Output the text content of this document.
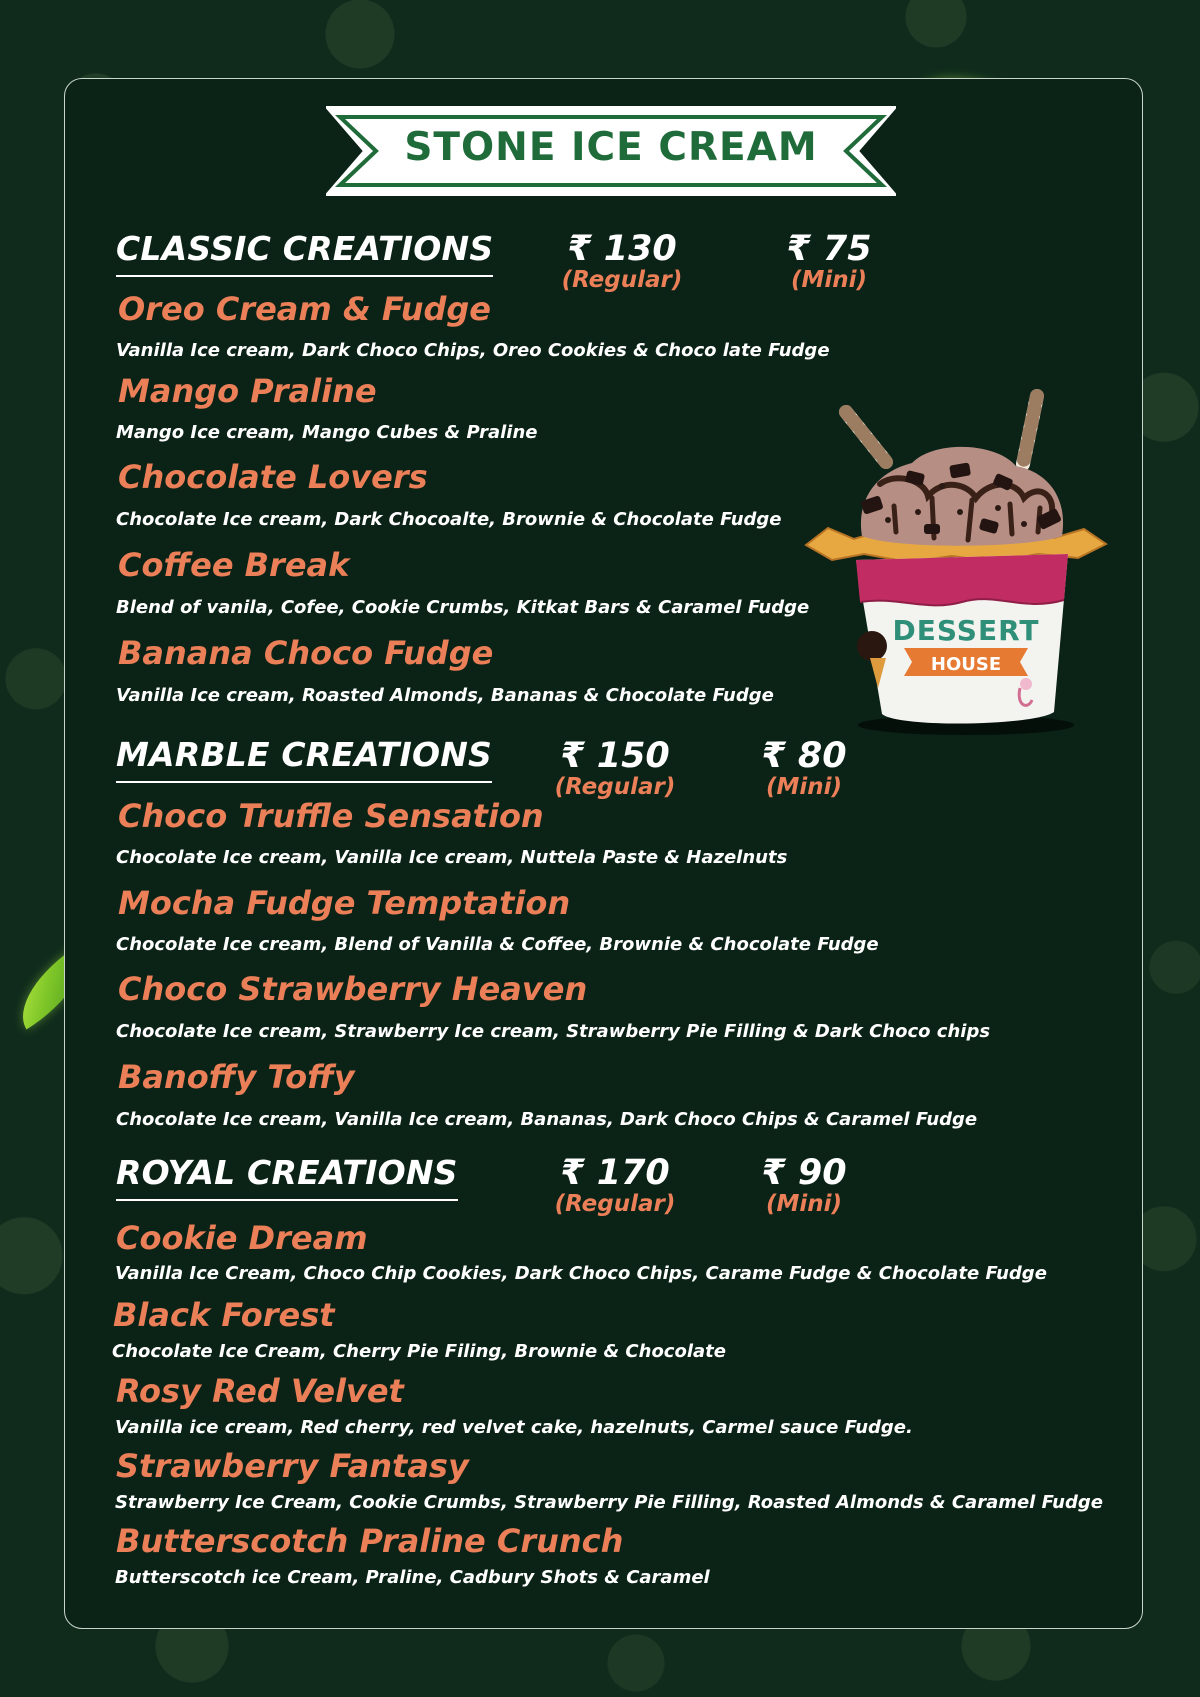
STONE ICE CREAM
CLASSIC CREATIONS	₹ 130
(Regular)
₹ 75
(Mini)
Oreo Cream & Fudge
Vanilla Ice cream, Dark Choco Chips, Oreo Cookies & Choco late Fudge
Mango Praline
Mango Ice cream, Mango Cubes & Praline
Chocolate Lovers
Chocolate Ice cream, Dark Chocoalte, Brownie & Chocolate Fudge
Coffee Break
Blend of vanila, Cofee, Cookie Crumbs, Kitkat Bars & Caramel Fudge
Banana Choco Fudge
Vanilla Ice cream, Roasted Almonds, Bananas & Chocolate Fudge
MARBLE CREATIONS	₹ 150
(Regular)
₹ 80
(Mini)
Choco Truffle Sensation
Chocolate Ice cream, Vanilla Ice cream, Nuttela Paste & Hazelnuts
Mocha Fudge Temptation
Chocolate Ice cream, Blend of Vanilla & Coffee, Brownie & Chocolate Fudge
Choco Strawberry Heaven
Chocolate Ice cream, Strawberry Ice cream, Strawberry Pie Filling & Dark Choco chips
Banoffy Toffy
Chocolate Ice cream, Vanilla Ice cream, Bananas, Dark Choco Chips & Caramel Fudge
ROYAL CREATIONS	₹ 170
(Regular)
₹ 90
(Mini)
Cookie Dream
Vanilla Ice Cream, Choco Chip Cookies, Dark Choco Chips, Carame Fudge & Chocolate Fudge
Black Forest
Chocolate Ice Cream, Cherry Pie Filing, Brownie & Chocolate
Rosy Red Velvet
Vanilla ice cream, Red cherry, red velvet cake, hazelnuts, Carmel sauce Fudge.
Strawberry Fantasy
Strawberry Ice Cream, Cookie Crumbs, Strawberry Pie Filling, Roasted Almonds & Caramel Fudge
Butterscotch Praline Crunch
Butterscotch ice Cream, Praline, Cadbury Shots & Caramel
DESSERT
HOUSE
